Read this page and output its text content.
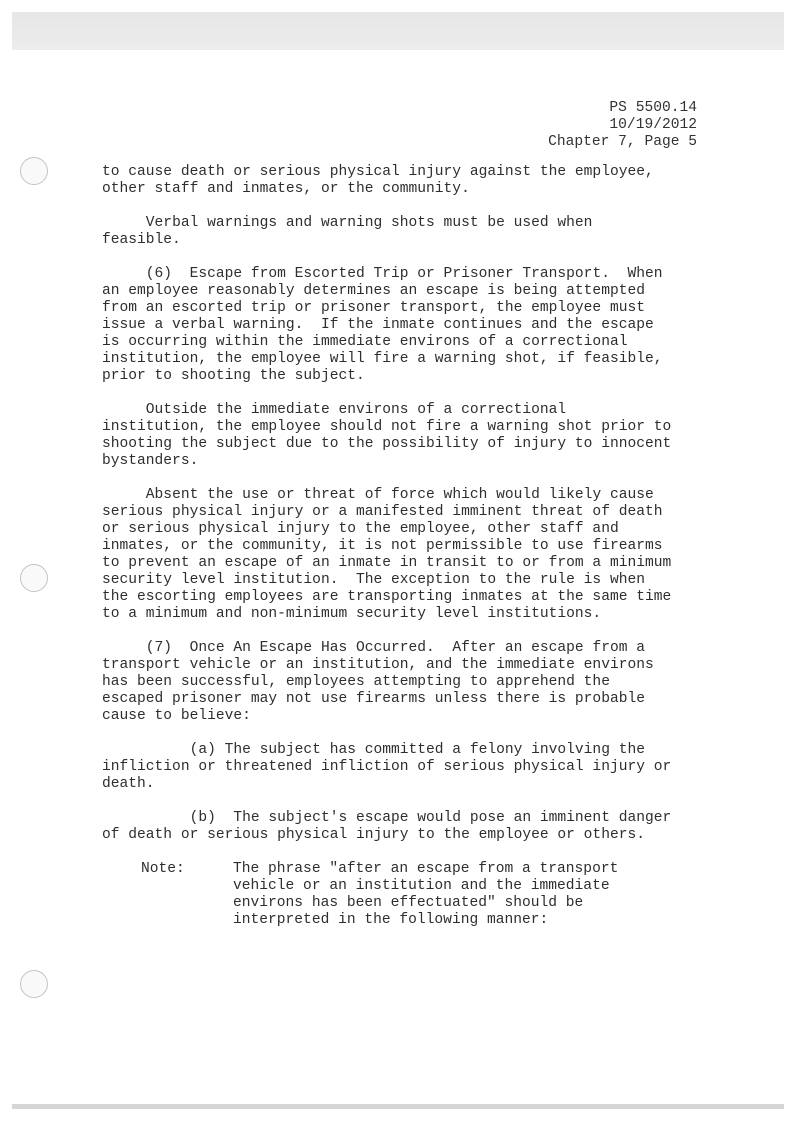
PS 5500.14
10/19/2012
Chapter 7, Page 5

to cause death or serious physical injury against the employee,
other staff and inmates, or the community.

Verbal warnings and warning shots must be used when
feasible.

(6)  Escape from Escorted Trip or Prisoner Transport.  When
an employee reasonably determines an escape is being attempted
from an escorted trip or prisoner transport, the employee must
issue a verbal warning.  If the inmate continues and the escape
is occurring within the immediate environs of a correctional
institution, the employee will fire a warning shot, if feasible,
prior to shooting the subject.

Outside the immediate environs of a correctional
institution, the employee should not fire a warning shot prior to
shooting the subject due to the possibility of injury to innocent
bystanders.

Absent the use or threat of force which would likely cause
serious physical injury or a manifested imminent threat of death
or serious physical injury to the employee, other staff and
inmates, or the community, it is not permissible to use firearms
to prevent an escape of an inmate in transit to or from a minimum
security level institution.  The exception to the rule is when
the escorting employees are transporting inmates at the same time
to a minimum and non-minimum security level institutions.

(7)  Once An Escape Has Occurred.  After an escape from a
transport vehicle or an institution, and the immediate environs
has been successful, employees attempting to apprehend the
escaped prisoner may not use firearms unless there is probable
cause to believe:

(a) The subject has committed a felony involving the
infliction or threatened infliction of serious physical injury or
death.

(b)  The subject's escape would pose an imminent danger
of death or serious physical injury to the employee or others.

Note:	The phrase "after an escape from a transport
vehicle or an institution and the immediate
environs has been effectuated" should be
interpreted in the following manner:
